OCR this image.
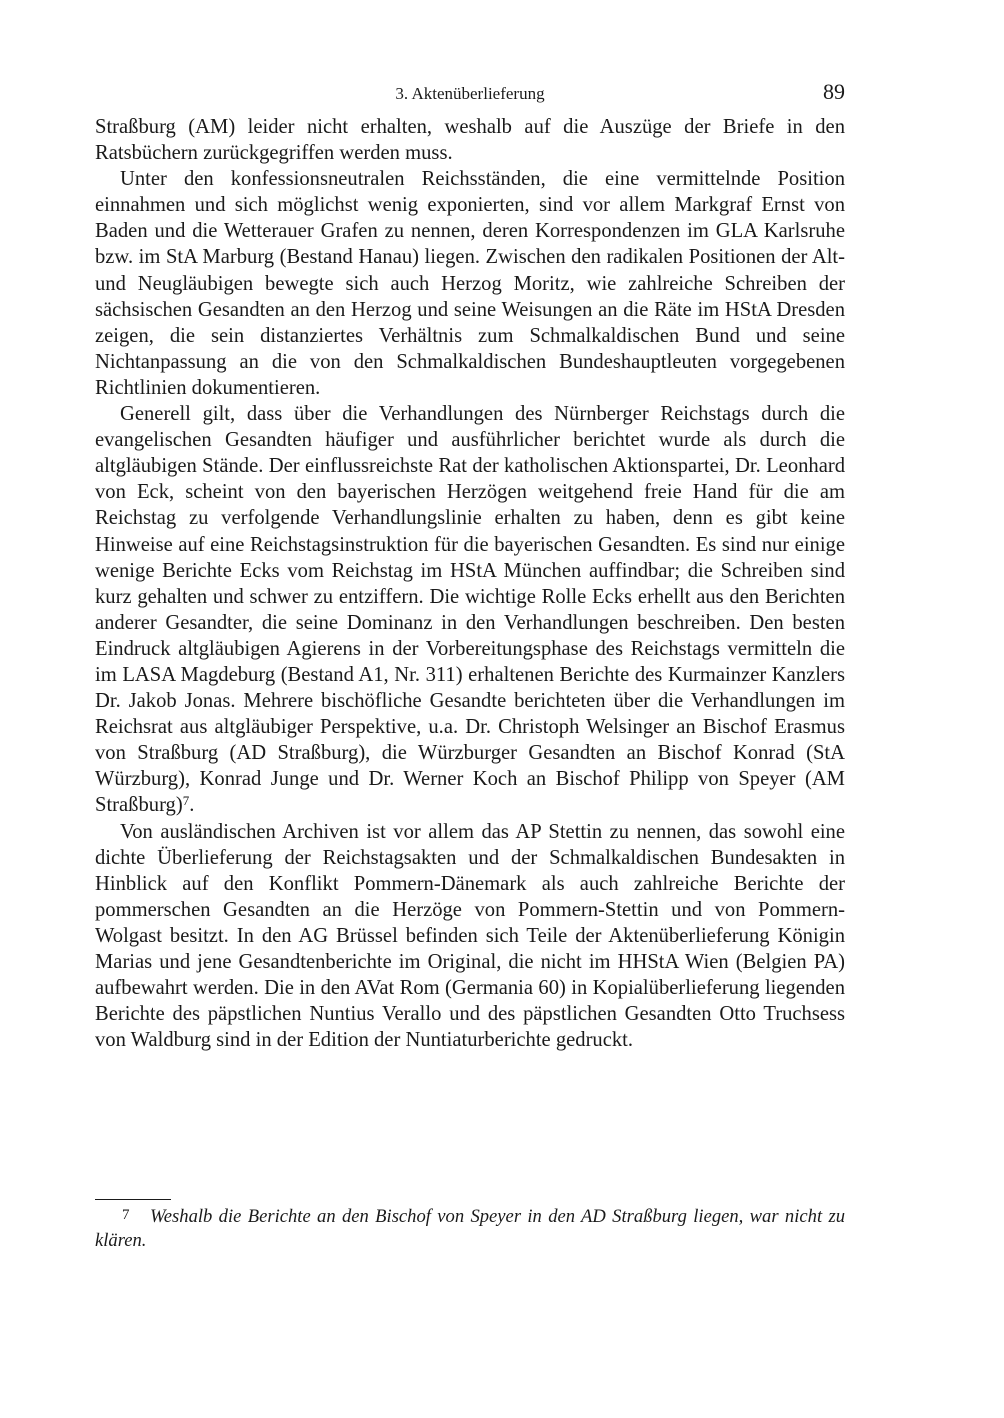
3. Aktenüberlieferung	89

Straßburg (AM) leider nicht erhalten, weshalb auf die Auszüge der Briefe in den Ratsbüchern zurückgegriffen werden muss.

Unter den konfessionsneutralen Reichsständen, die eine vermittelnde Position einnahmen und sich möglichst wenig exponierten, sind vor allem Markgraf Ernst von Baden und die Wetterauer Grafen zu nennen, deren Korrespondenzen im GLA Karlsruhe bzw. im StA Marburg (Bestand Hanau) liegen. Zwischen den radikalen Positionen der Alt- und Neugläubigen bewegte sich auch Herzog Moritz, wie zahlreiche Schreiben der sächsischen Gesandten an den Herzog und seine Weisungen an die Räte im HStA Dresden zeigen, die sein distanziertes Verhältnis zum Schmalkaldischen Bund und seine Nichtanpassung an die von den Schmalkaldischen Bundeshauptleuten vorgegebenen Richtlinien dokumentieren.

Generell gilt, dass über die Verhandlungen des Nürnberger Reichstags durch die evangelischen Gesandten häufiger und ausführlicher berichtet wurde als durch die altgläubigen Stände. Der einflussreichste Rat der katholischen Aktionspartei, Dr. Leonhard von Eck, scheint von den bayerischen Herzögen weitgehend freie Hand für die am Reichstag zu verfolgende Verhandlungslinie erhalten zu haben, denn es gibt keine Hinweise auf eine Reichstagsinstruktion für die bayerischen Gesandten. Es sind nur einige wenige Berichte Ecks vom Reichstag im HStA München auffindbar; die Schreiben sind kurz gehalten und schwer zu entziffern. Die wichtige Rolle Ecks erhellt aus den Berichten anderer Gesandter, die seine Dominanz in den Verhandlungen beschreiben. Den besten Eindruck altgläubigen Agierens in der Vorbereitungsphase des Reichstags vermitteln die im LASA Magdeburg (Bestand A1, Nr. 311) erhaltenen Berichte des Kurmainzer Kanzlers Dr. Jakob Jonas. Mehrere bischöfliche Gesandte berichteten über die Verhandlungen im Reichsrat aus altgläubiger Perspektive, u.a. Dr. Christoph Welsinger an Bischof Erasmus von Straßburg (AD Straßburg), die Würzburger Gesandten an Bischof Konrad (StA Würzburg), Konrad Junge und Dr. Werner Koch an Bischof Philipp von Speyer (AM Straßburg)$^7$.

Von ausländischen Archiven ist vor allem das AP Stettin zu nennen, das sowohl eine dichte Überlieferung der Reichstagsakten und der Schmalkaldischen Bundesakten in Hinblick auf den Konflikt Pommern-Dänemark als auch zahlreiche Berichte der pommerschen Gesandten an die Herzöge von Pommern-Stettin und von Pommern-Wolgast besitzt. In den AG Brüssel befinden sich Teile der Aktenüberlieferung Königin Marias und jene Gesandtenberichte im Original, die nicht im HHStA Wien (Belgien PA) aufbewahrt werden. Die in den AVat Rom (Germania 60) in Kopialüberlieferung liegenden Berichte des päpstlichen Nuntius Verallo und des päpstlichen Gesandten Otto Truchsess von Waldburg sind in der Edition der Nuntiaturberichte gedruckt.

7 Weshalb die Berichte an den Bischof von Speyer in den AD Straßburg liegen, war nicht zu klären.
